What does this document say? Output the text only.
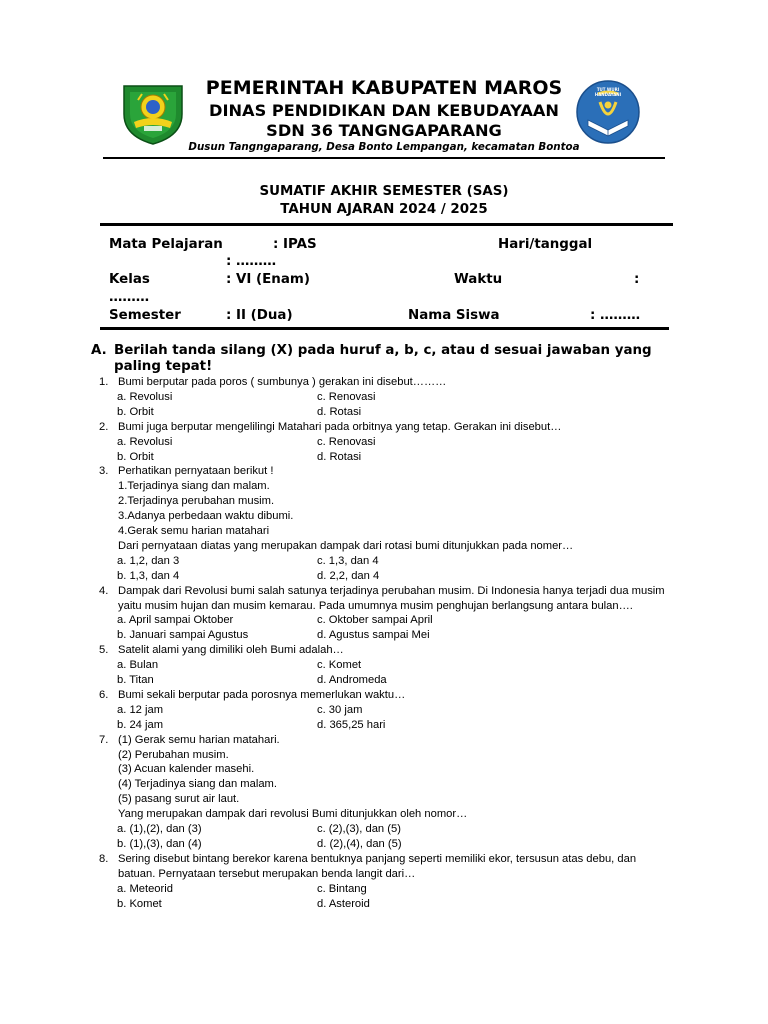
TUT WURI HANDAYANI
PEMERINTAH KABUPATEN MAROS
DINAS PENDIDIKAN DAN KEBUDAYAAN
SDN 36 TANGNGAPARANG
Dusun Tangngaparang, Desa Bonto Lempangan, kecamatan Bontoa
SUMATIF AKHIR SEMESTER (SAS)
TAHUN AJARAN 2024 / 2025
Mata Pelajaran	: IPAS	Hari/tanggal
: ………
Kelas	: VI (Enam)	Waktu	:
………
Semester	: II (Dua)	Nama Siswa	: ………
A. Berilah tanda silang (X) pada huruf a, b, c, atau d sesuai jawaban yang
paling tepat!
1. Bumi berputar pada poros ( sumbunya ) gerakan ini disebut………
a. Revolusi	c. Renovasi
b. Orbit	d. Rotasi
2. Bumi juga berputar mengelilingi Matahari pada orbitnya yang tetap. Gerakan ini disebut…
a. Revolusi	c. Renovasi
b. Orbit	d. Rotasi
3. Perhatikan pernyataan berikut !
1.Terjadinya siang dan malam.
2.Terjadinya perubahan musim.
3.Adanya perbedaan waktu dibumi.
4.Gerak semu harian matahari
Dari pernyataan diatas yang merupakan dampak dari rotasi bumi ditunjukkan pada nomer…
a. 1,2, dan 3	c. 1,3, dan 4
b. 1,3, dan 4	d. 2,2, dan 4
4. Dampak dari Revolusi bumi salah satunya terjadinya perubahan musim. Di Indonesia hanya terjadi dua musim
yaitu musim hujan dan musim kemarau. Pada umumnya musim penghujan berlangsung antara bulan….
a. April sampai Oktober	c. Oktober sampai April
b. Januari sampai Agustus	d. Agustus sampai Mei
5. Satelit alami yang dimiliki oleh Bumi adalah…
a. Bulan	c. Komet
b. Titan	d. Andromeda
6. Bumi sekali berputar pada porosnya memerlukan waktu…
a. 12 jam	c. 30 jam
b. 24 jam	d. 365,25 hari
7. (1) Gerak semu harian matahari.
(2) Perubahan musim.
(3) Acuan kalender masehi.
(4) Terjadinya siang dan malam.
(5) pasang surut air laut.
Yang merupakan dampak dari revolusi Bumi ditunjukkan oleh nomor…
a. (1),(2), dan (3)	c. (2),(3), dan (5)
b. (1),(3), dan (4)	d. (2),(4), dan (5)
8. Sering disebut bintang berekor karena bentuknya panjang seperti memiliki ekor, tersusun atas debu, dan
batuan. Pernyataan tersebut merupakan benda langit dari…
a. Meteorid	c. Bintang
b. Komet	d. Asteroid
